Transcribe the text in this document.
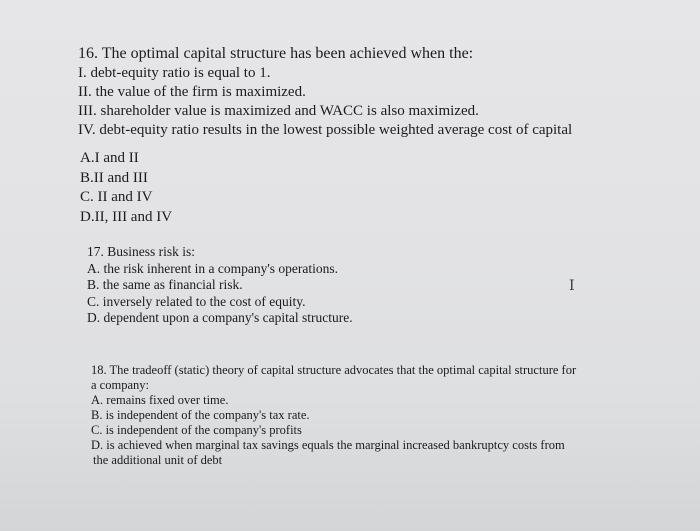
16. The optimal capital structure has been achieved when the:
I. debt-equity ratio is equal to 1.
II. the value of the firm is maximized.
III. shareholder value is maximized and WACC is also maximized.
IV. debt-equity ratio results in the lowest possible weighted average cost of capital
A.I and II
B.II and III
C. II and IV
D.II, III and IV
17. Business risk is:
A. the risk inherent in a company's operations.
B. the same as financial risk.
C. inversely related to the cost of equity.
D. dependent upon a company's capital structure.
I
18. The tradeoff (static) theory of capital structure advocates that the optimal capital structure for
a company:
A. remains fixed over time.
B. is independent of the company's tax rate.
C. is independent of the company's profits
D. is achieved when marginal tax savings equals the marginal increased bankruptcy costs from
the additional unit of debt
